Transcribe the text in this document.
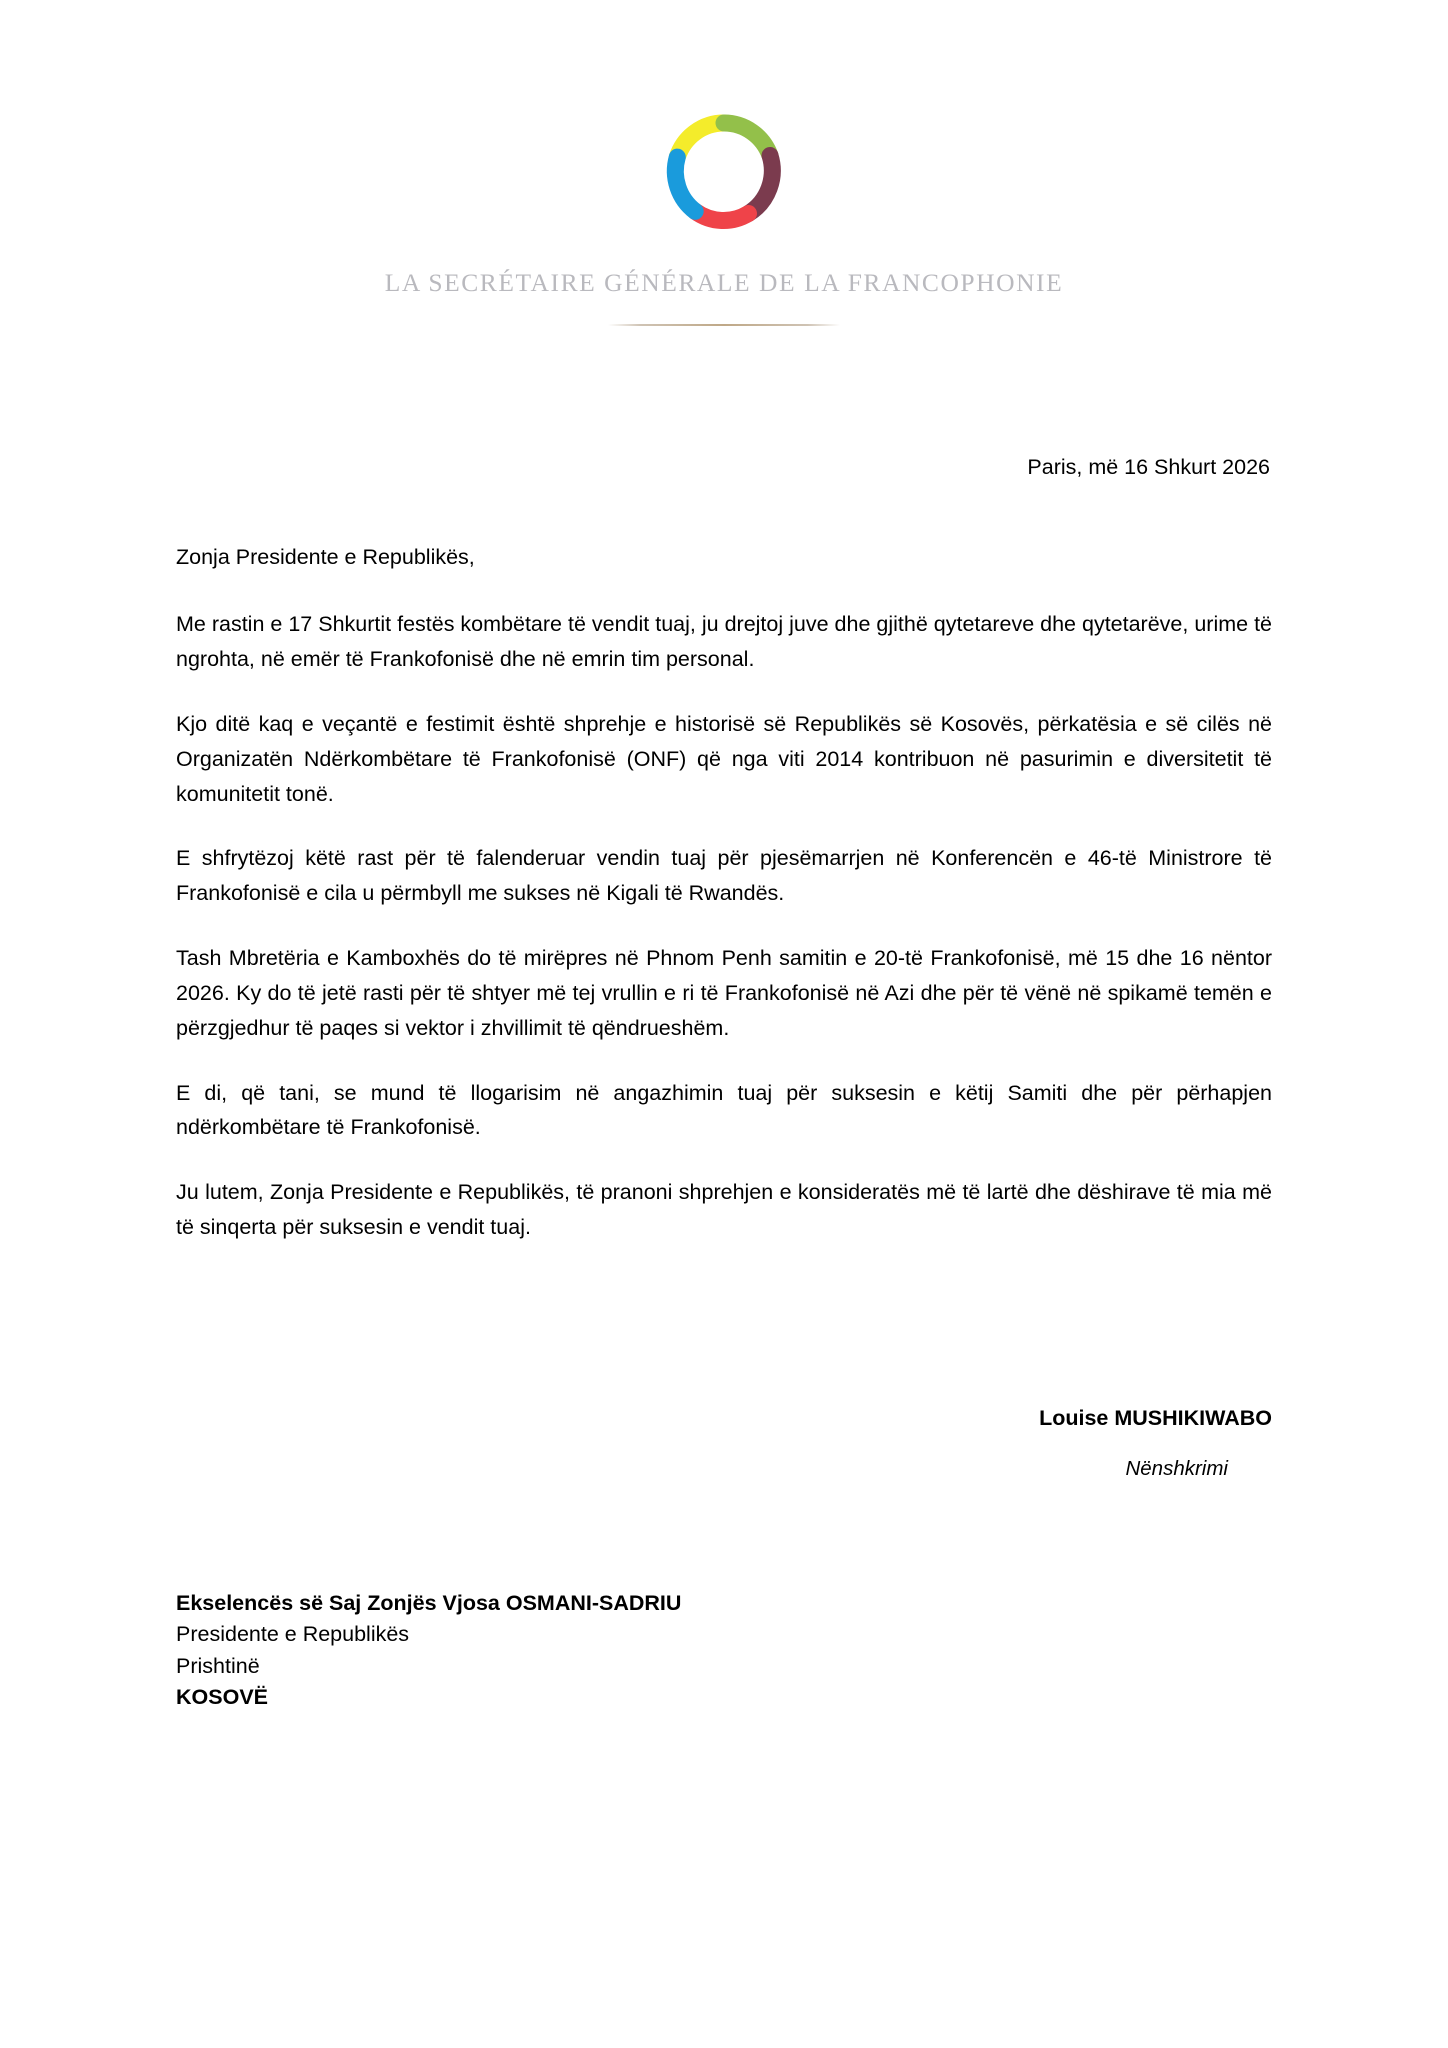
LA SECRÉTAIRE GÉNÉRALE DE LA FRANCOPHONIE
Paris, më 16 Shkurt 2026
Zonja Presidente e Republikës,

Me rastin e 17 Shkurtit festës kombëtare të vendit tuaj, ju drejtoj juve dhe gjithë qytetareve dhe qytetarëve, urime të ngrohta, në emër të Frankofonisë dhe në emrin tim personal.

Kjo ditë kaq e veçantë e festimit është shprehje e historisë së Republikës së Kosovës, përkatësia e së cilës në Organizatën Ndërkombëtare të Frankofonisë (ONF) që nga viti 2014 kontribuon në pasurimin e diversitetit të komunitetit tonë.

E shfrytëzoj këtë rast për të falenderuar vendin tuaj për pjesëmarrjen në Konferencën e 46-të Ministrore të Frankofonisë e cila u përmbyll me sukses në Kigali të Rwandës.

Tash Mbretëria e Kamboxhës do të mirëpres në Phnom Penh samitin e 20-të Frankofonisë, më 15 dhe 16 nëntor 2026. Ky do të jetë rasti për të shtyer më tej vrullin e ri të Frankofonisë në Azi dhe për të vënë në spikamë temën e përzgjedhur të paqes si vektor i zhvillimit të qëndrueshëm.

E di, që tani, se mund të llogarisim në angazhimin tuaj për suksesin e këtij Samiti dhe për përhapjen ndërkombëtare të Frankofonisë.

Ju lutem, Zonja Presidente e Republikës, të pranoni shprehjen e konsideratës më të lartë dhe dëshirave të mia më të sinqerta për suksesin e vendit tuaj.

Louise MUSHIKIWABO
Nënshkrimi
Ekselencës së Saj Zonjës Vjosa OSMANI-SADRIU
Presidente e Republikës
Prishtinë
KOSOVË
